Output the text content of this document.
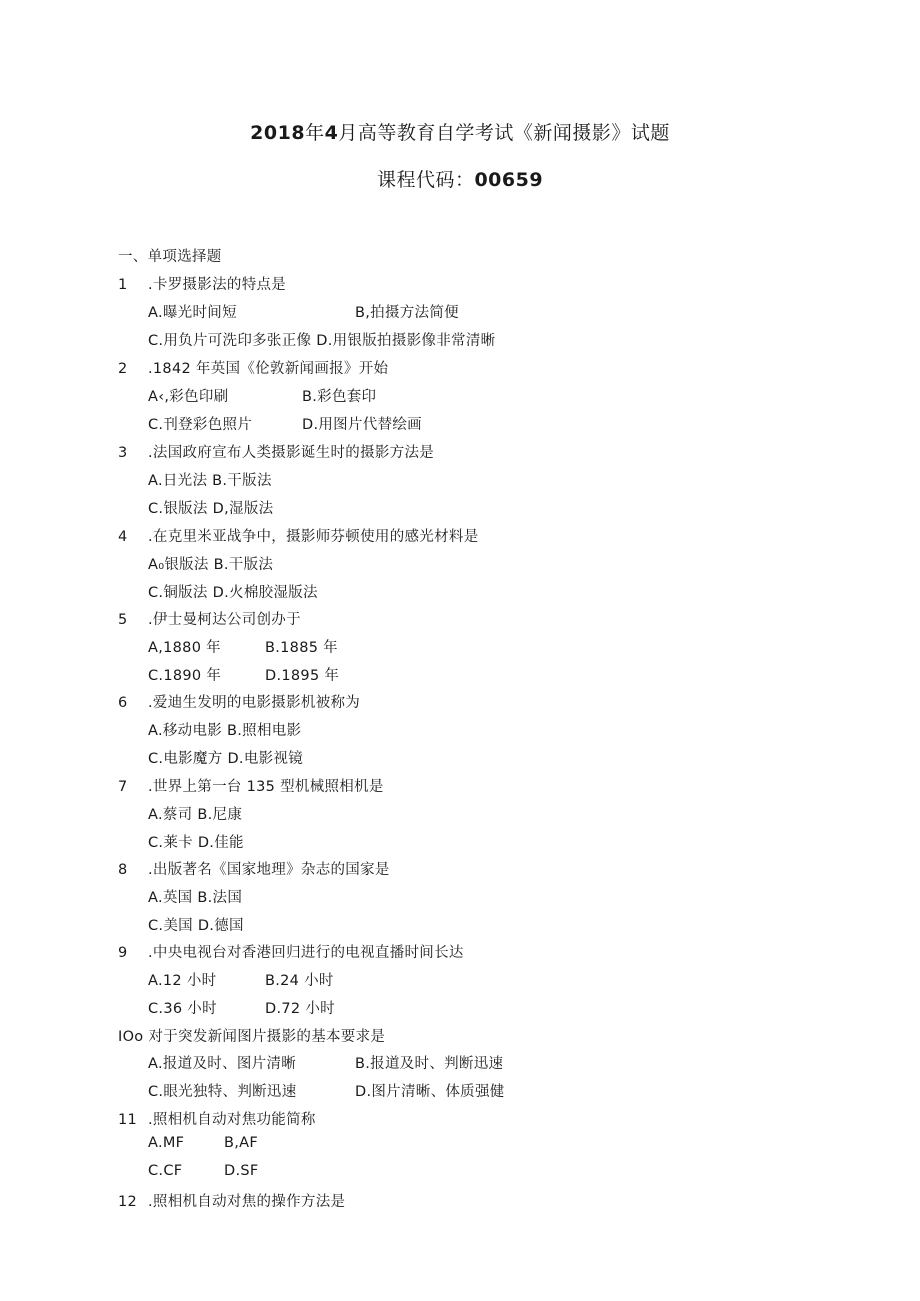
2018年4月高等教育自学考试《新闻摄影》试题
课程代码：00659
一、单项选择题
1 .卡罗摄影法的特点是
A.曝光时间短	B,拍摄方法简便
C.用负片可洗印多张正像 D.用银版拍摄影像非常清晰
2 .1842 年英国《伦敦新闻画报》开始
A‹,彩色印刷	B.彩色套印
C.刊登彩色照片	D.用图片代替绘画
3 .法国政府宣布人类摄影诞生时的摄影方法是
A.日光法 B.干版法
C.银版法 D,湿版法
4 .在克里米亚战争中，摄影师芬顿使用的感光材料是
A₀银版法 B.干版法
C.铜版法 D.火棉胶湿版法
5 .伊士曼柯达公司创办于
A,1880 年	B.1885 年
C.1890 年	D.1895 年
6 .爱迪生发明的电影摄影机被称为
A.移动电影 B.照相电影
C.电影魔方 D.电影视镜
7 .世界上第一台 135 型机械照相机是
A.蔡司 B.尼康
C.莱卡 D.佳能
8 .出版著名《国家地理》杂志的国家是
A.英国 B.法国
C.美国 D.德国
9 .中央电视台对香港回归进行的电视直播时间长达
A.12 小时	B.24 小时
C.36 小时	D.72 小时
IOo 对于突发新闻图片摄影的基本要求是
A.报道及时、图片清晰	B.报道及时、判断迅速
C.眼光独特、判断迅速	D.图片清晰、体质强健
11 .照相机自动对焦功能简称
A.MF	B,AF
C.CF	D.SF
12 .照相机自动对焦的操作方法是
